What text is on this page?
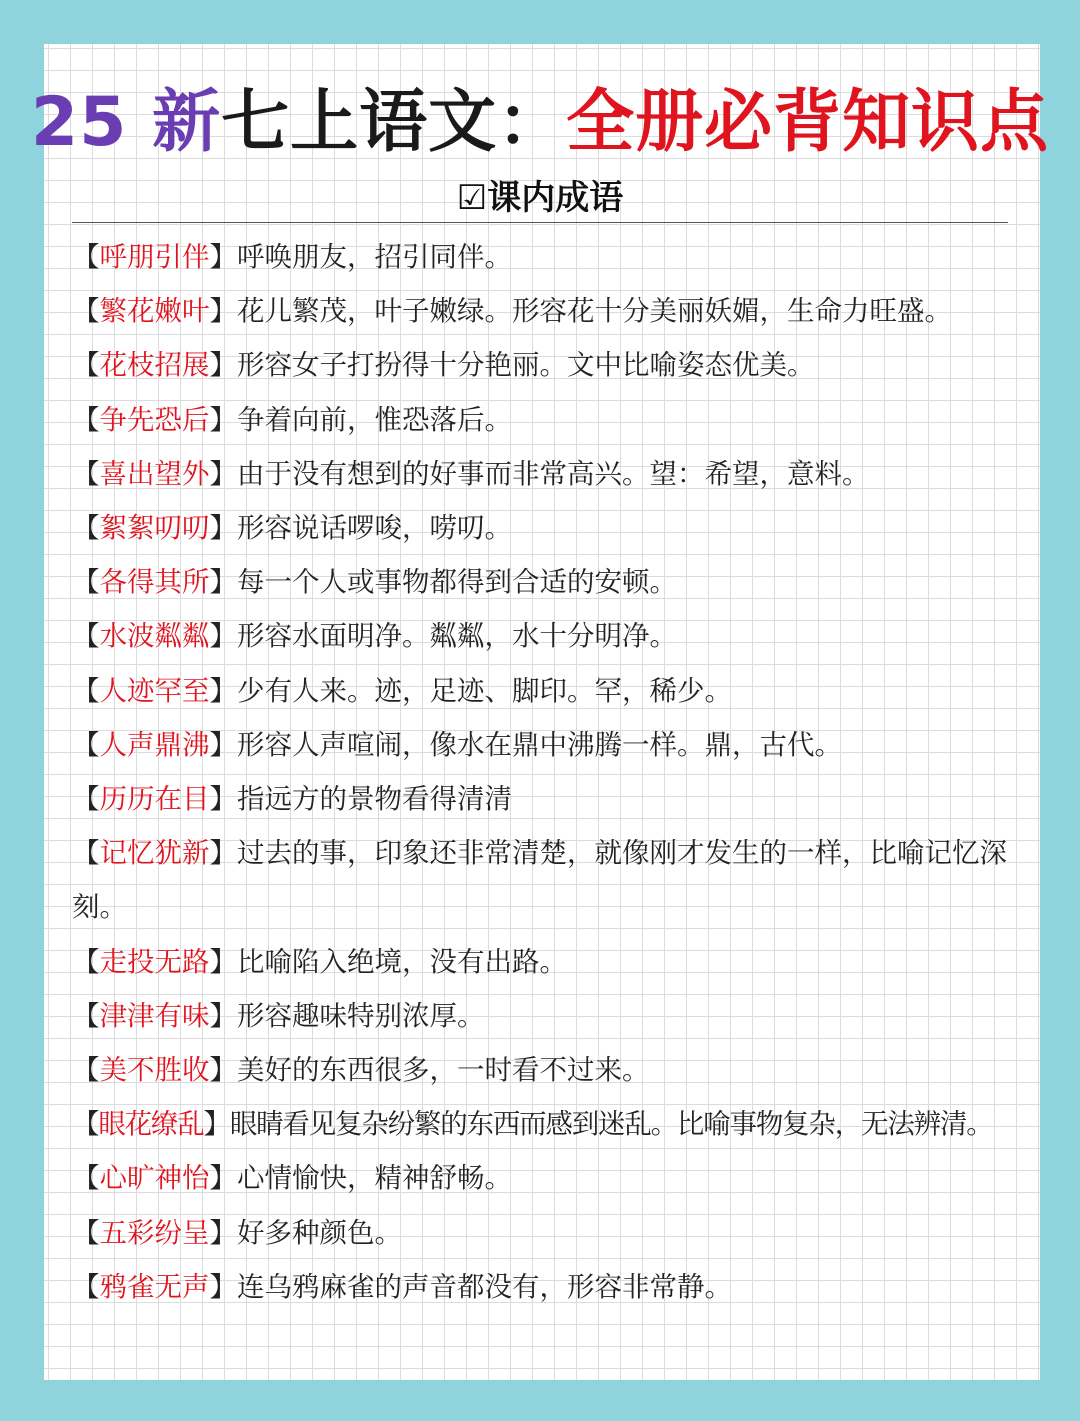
25 新七上语文：全册必背知识点
☑课内成语
【呼朋引伴】呼唤朋友，招引同伴。
【繁花嫩叶】花儿繁茂，叶子嫩绿。形容花十分美丽妖媚，生命力旺盛。
【花枝招展】形容女子打扮得十分艳丽。文中比喻姿态优美。
【争先恐后】争着向前，惟恐落后。
【喜出望外】由于没有想到的好事而非常高兴。望：希望，意料。
【絮絮叨叨】形容说话啰唆，唠叨。
【各得其所】每一个人或事物都得到合适的安顿。
【水波粼粼】形容水面明净。粼粼，水十分明净。
【人迹罕至】少有人来。迹，足迹、脚印。罕，稀少。
【人声鼎沸】形容人声喧闹，像水在鼎中沸腾一样。鼎，古代。
【历历在目】指远方的景物看得清清
【记忆犹新】过去的事，印象还非常清楚，就像刚才发生的一样，比喻记忆深刻。
【走投无路】比喻陷入绝境，没有出路。
【津津有味】形容趣味特别浓厚。
【美不胜收】美好的东西很多，一时看不过来。
【眼花缭乱】眼睛看见复杂纷繁的东西而感到迷乱。比喻事物复杂，无法辨清。
【心旷神怡】心情愉快，精神舒畅。
【五彩纷呈】好多种颜色。
【鸦雀无声】连乌鸦麻雀的声音都没有，形容非常静。
